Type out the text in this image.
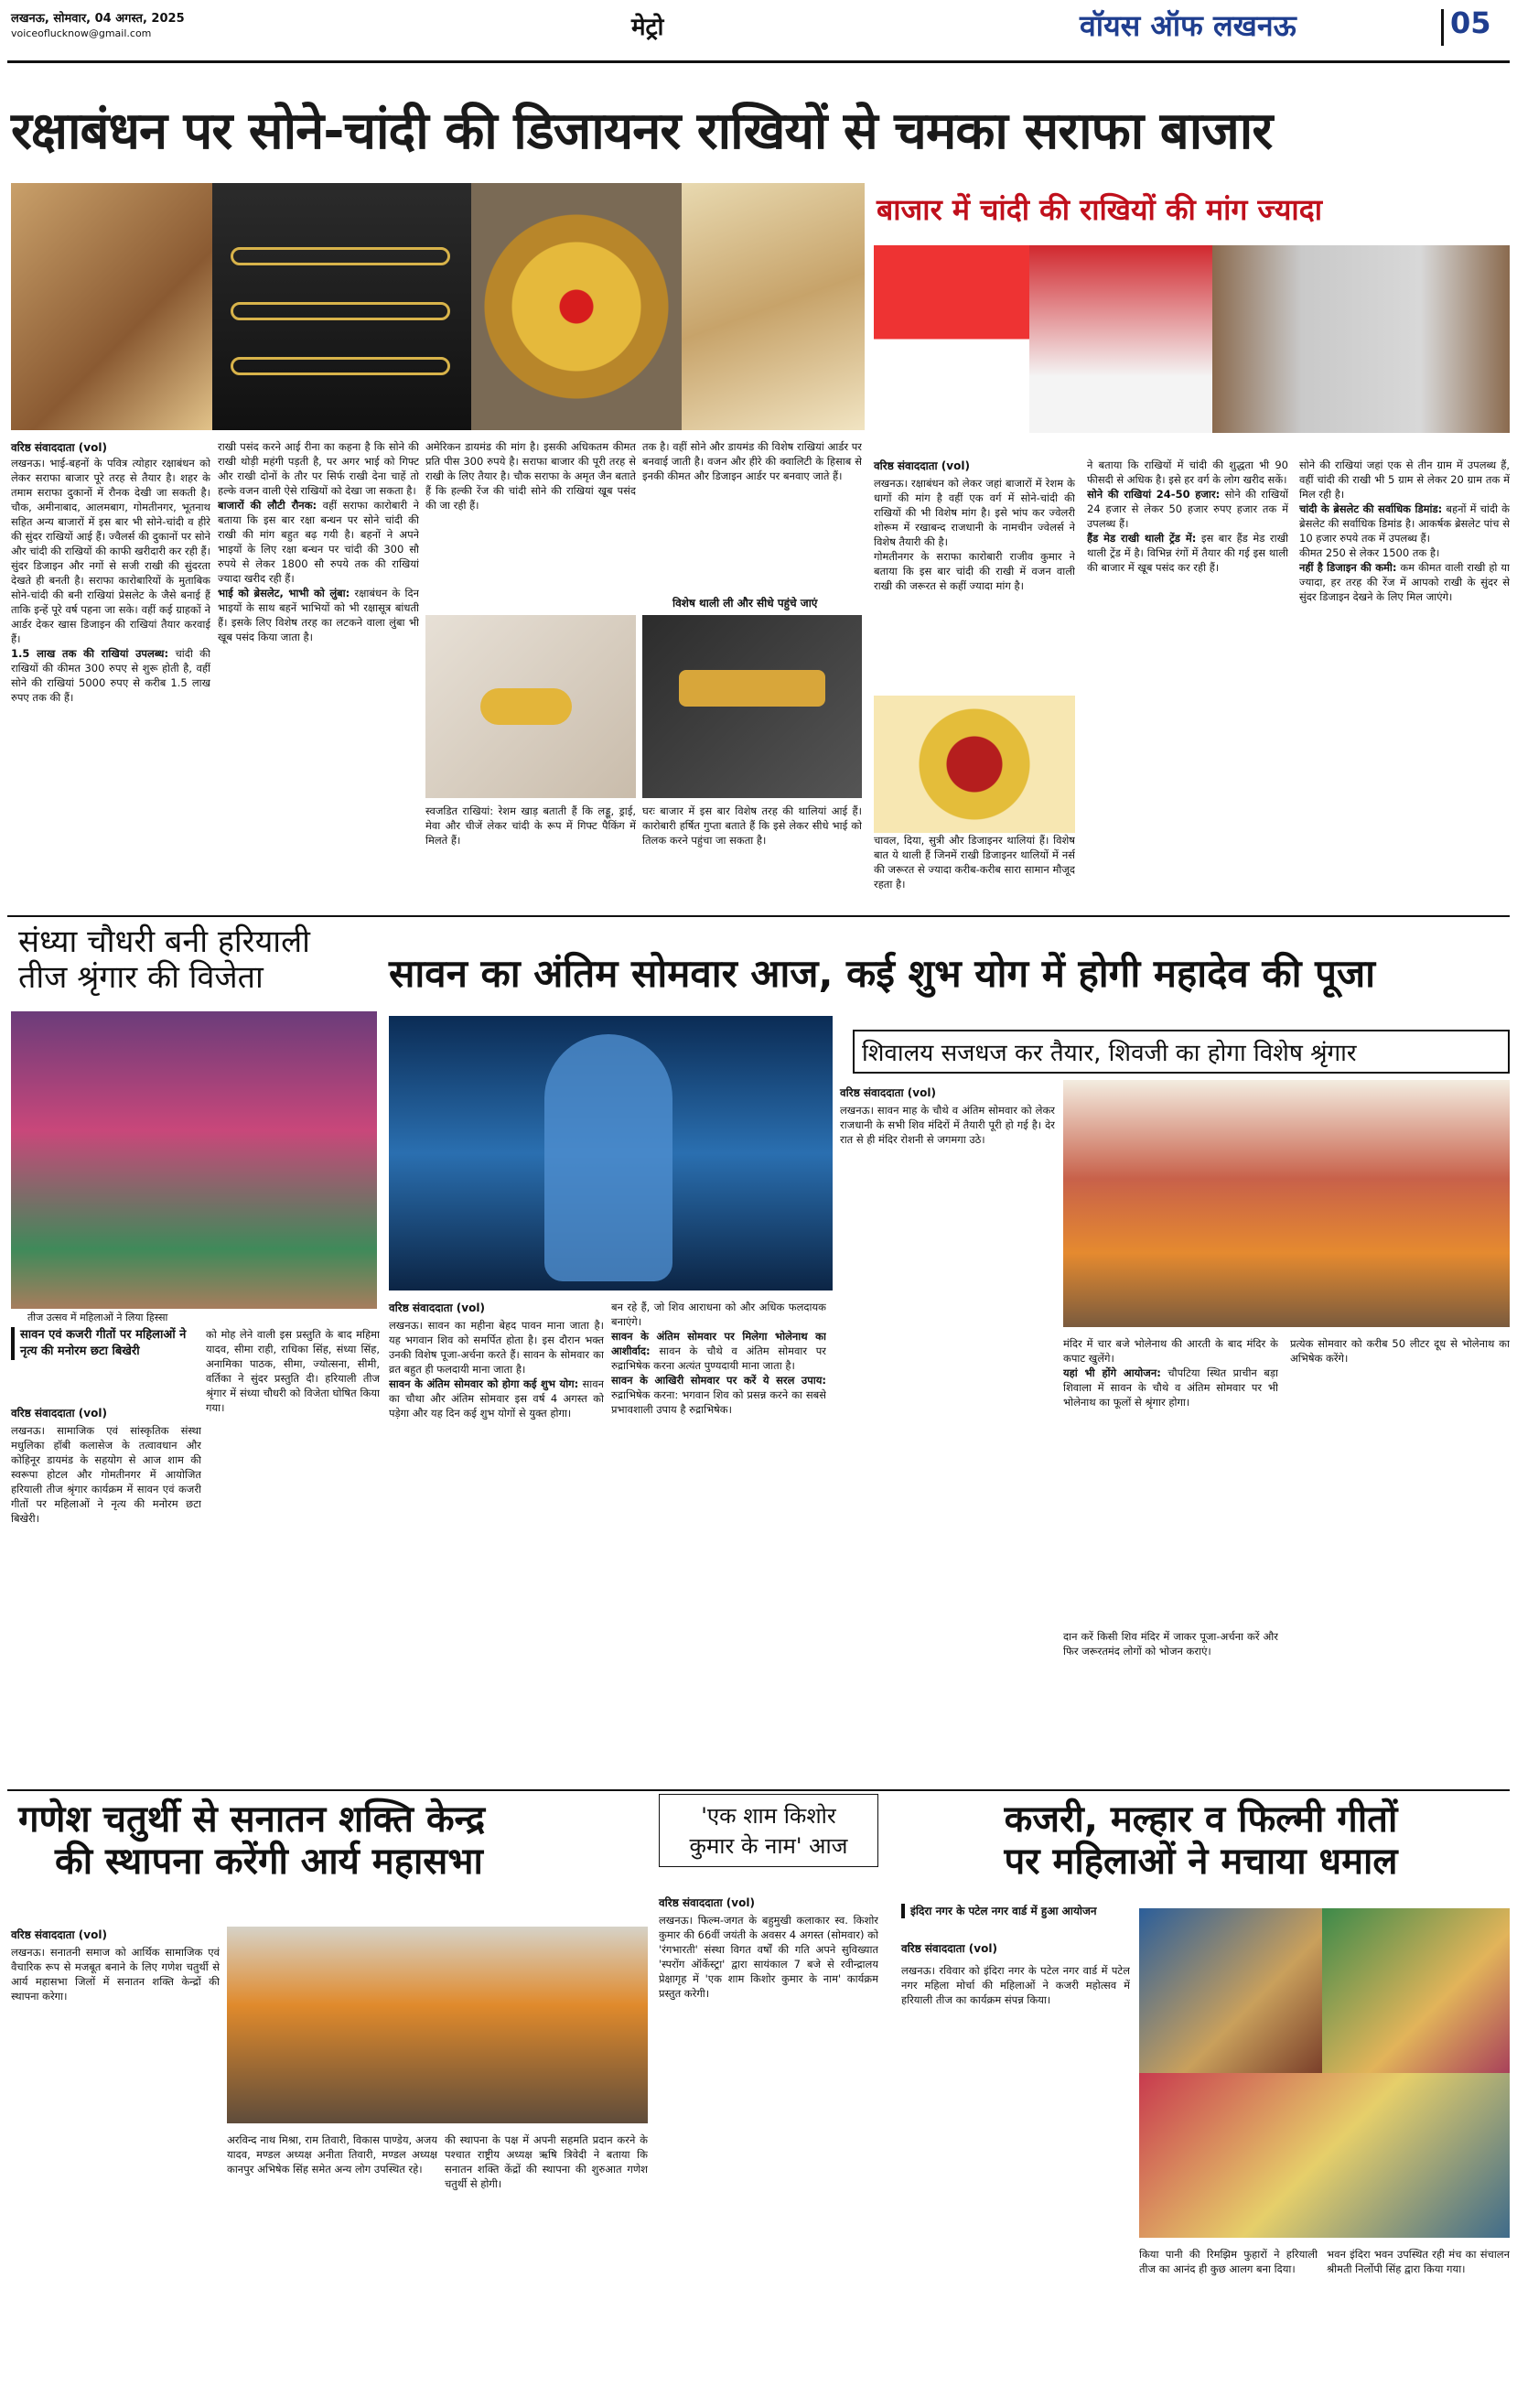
लखनऊ, सोमवार, 04 अगस्त, 2025
voiceoflucknow@gmail.com	मेट्रो	वॉयस ऑफ लखनऊ	05
रक्षाबंधन पर सोने-चांदी की डिजायनर राखियों से चमका सराफा बाजार
बाजार में चांदी की राखियों की मांग ज्यादा
वरिष्ठ संवाददाता (vol)
लखनऊ। भाई-बहनों के पवित्र त्योहार रक्षाबंधन को लेकर सराफा बाजार पूरे तरह से तैयार है। शहर के तमाम सराफा दुकानों में रौनक देखी जा सकती है। चौक, अमीनाबाद, आलमबाग, गोमतीनगर, भूतनाथ सहित अन्य बाजारों में इस बार भी सोने-चांदी व हीरे की सुंदर राखियों आई हैं। ज्वैलर्स की दुकानों पर सोने और चांदी की राखियों की काफी खरीदारी कर रही हैं। सुंदर डिजाइन और नगों से सजी राखी की सुंदरता देखते ही बनती है। सराफा कारोबारियों के मुताबिक सोने-चांदी की बनी राखियां प्रेसलेट के जैसे बनाई हैं ताकि इन्हें पूरे वर्ष पहना जा सके। वहीं कई ग्राहकों ने आर्डर देकर खास डिजाइन की राखियां तैयार करवाई हैं।
1.5 लाख तक की राखियां उपलब्ध: चांदी की राखियों की कीमत 300 रुपए से शुरू होती है, वहीं सोने की राखियां 5000 रुपए से करीब 1.5 लाख रुपए तक की हैं।
राखी पसंद करने आई रीना का कहना है कि सोने की राखी थोड़ी महंगी पड़ती है, पर अगर भाई को गिफ्ट और राखी दोनों के तौर पर सिर्फ राखी देना चाहें तो हल्के वजन वाली ऐसे राखियों को देखा जा सकता है।
बाजारों की लौटी रौनक: वहीं सराफा कारोबारी ने बताया कि इस बार रक्षा बन्धन पर सोने चांदी की राखी की मांग बहुत बढ़ गयी है। बहनों ने अपने भाइयों के लिए रक्षा बन्धन पर चांदी की 300 सौ रुपये से लेकर 1800 सौ रुपये तक की राखियां ज्यादा खरीद रही हैं।
भाई को ब्रेसलेट, भाभी को लुंबा: रक्षाबंधन के दिन भाइयों के साथ बहनें भाभियों को भी रक्षासूत्र बांधती हैं। इसके लिए विशेष तरह का लटकने वाला लुंबा भी खूब पसंद किया जाता है।
अमेरिकन डायमंड की मांग है। इसकी अधिकतम कीमत प्रति पीस 300 रुपये है। सराफा बाजार की पूरी तरह से राखी के लिए तैयार है। चौक सराफा के अमृत जैन बताते हैं कि हल्की रेंज की चांदी सोने की राखियां खूब पसंद की जा रही हैं।
तक है। वहीं सोने और डायमंड की विशेष राखियां आर्डर पर बनवाई जाती है। वजन और हीरे की क्वालिटी के हिसाब से इनकी कीमत और डिजाइन आर्डर पर बनवाए जाते हैं।
विशेष थाली ली और सीधे पहुंचे जाएं
स्वजडित राखियां: रेशम खाड़ बताती हैं कि लड्डू, ड्राई, मेवा और चीजें लेकर चांदी के रूप में गिफ्ट पैकिंग में मिलते हैं।
घरः बाजार में इस बार विशेष तरह की थालियां आई हैं। कारोबारी हर्षित गुप्ता बताते हैं कि इसे लेकर सीधे भाई को तिलक करने पहुंचा जा सकता है।
वरिष्ठ संवाददाता (vol)
लखनऊ। रक्षाबंधन को लेकर जहां बाजारों में रेशम के धागों की मांग है वहीं एक वर्ग में सोने-चांदी की राखियों की भी विशेष मांग है। इसे भांप कर ज्वेलरी शोरूम में रखाबन्द राजधानी के नामचीन ज्वेलर्स ने विशेष तैयारी की है।
गोमतीनगर के सराफा कारोबारी राजीव कुमार ने बताया कि इस बार चांदी की राखी में वजन वाली राखी की जरूरत से कहीं ज्यादा मांग है।
चावल, दिया, सुत्री और डिजाइनर थालियां हैं। विशेष बात ये थाली हैं जिनमें राखी डिजाइनर थालियों में नर्स की जरूरत से ज्यादा करीब-करीब सारा सामान मौजूद रहता है।
ने बताया कि राखियों में चांदी की शुद्धता भी 90 फीसदी से अधिक है। इसे हर वर्ग के लोग खरीद सकें।
सोने की राखियां 24-50 हजार: सोने की राखियों 24 हजार से लेकर 50 हजार रुपए हजार तक में उपलब्ध हैं।
हैंड मेड राखी थाली ट्रेंड में: इस बार हैंड मेड राखी थाली ट्रेंड में है। विभिन्न रंगों में तैयार की गई इस थाली की बाजार में खूब पसंद कर रही हैं।
सोने की राखियां जहां एक से तीन ग्राम में उपलब्ध हैं, वहीं चांदी की राखी भी 5 ग्राम से लेकर 20 ग्राम तक में मिल रही है।
चांदी के ब्रेसलेट की सर्वाधिक डिमांड: बहनों में चांदी के ब्रेसलेट की सर्वाधिक डिमांड है। आकर्षक ब्रेसलेट पांच से 10 हजार रुपये तक में उपलब्ध हैं।
कीमत 250 से लेकर 1500 तक है।
नहीं है डिजाइन की कमी: कम कीमत वाली राखी हो या ज्यादा, हर तरह की रेंज में आपको राखी के सुंदर से सुंदर डिजाइन देखने के लिए मिल जाएंगे।
संध्या चौधरी बनी हरियाली
तीज श्रृंगार की विजेता
तीज उत्सव में महिलाओं ने लिया हिस्सा
सावन एवं कजरी गीतों पर महिलाओं ने नृत्य की मनोरम छटा बिखेरी
वरिष्ठ संवाददाता (vol)
लखनऊ। सामाजिक एवं सांस्कृतिक संस्था मधुलिका हॉबी कलासेज के तत्वावधान और कोहिनूर डायमंड के सहयोग से आज शाम की स्वरूपा होटल और गोमतीनगर में आयोजित हरियाली तीज श्रृंगार कार्यक्रम में सावन एवं कजरी गीतों पर महिलाओं ने नृत्य की मनोरम छटा बिखेरी।
को मोह लेने वाली इस प्रस्तुति के बाद महिमा यादव, सीमा राही, राधिका सिंह, संध्या सिंह, अनामिका पाठक, सीमा, ज्योत्सना, सीमी, वर्तिका ने सुंदर प्रस्तुति दी। हरियाली तीज श्रृंगार में संध्या चौधरी को विजेता घोषित किया गया।
सावन का अंतिम सोमवार आज, कई शुभ योग में होगी महादेव की पूजा
वरिष्ठ संवाददाता (vol)
लखनऊ। सावन का महीना बेहद पावन माना जाता है। यह भगवान शिव को समर्पित होता है। इस दौरान भक्त उनकी विशेष पूजा-अर्चना करते हैं। सावन के सोमवार का व्रत बहुत ही फलदायी माना जाता है।
सावन के अंतिम सोमवार को होगा कई शुभ योग: सावन का चौथा और अंतिम सोमवार इस वर्ष 4 अगस्त को पड़ेगा और यह दिन कई शुभ योगों से युक्त होगा।
बन रहे हैं, जो शिव आराधना को और अधिक फलदायक बनाएंगे।
सावन के अंतिम सोमवार पर मिलेगा भोलेनाथ का आशीर्वाद: सावन के चौथे व अंतिम सोमवार पर रुद्राभिषेक करना अत्यंत पुण्यदायी माना जाता है।
सावन के आखिरी सोमवार पर करें ये सरल उपाय: रुद्राभिषेक करना: भगवान शिव को प्रसन्न करने का सबसे प्रभावशाली उपाय है रुद्राभिषेक।
शिवालय सजधज कर तैयार, शिवजी का होगा विशेष श्रृंगार
वरिष्ठ संवाददाता (vol)
लखनऊ। सावन माह के चौथे व अंतिम सोमवार को लेकर राजधानी के सभी शिव मंदिरों में तैयारी पूरी हो गई है। देर रात से ही मंदिर रोशनी से जगमगा उठे।
मंदिर में चार बजे भोलेनाथ की आरती के बाद मंदिर के कपाट खुलेंगे।
यहां भी होंगे आयोजन: चौपटिया स्थित प्राचीन बड़ा शिवाला में सावन के चौथे व अंतिम सोमवार पर भी भोलेनाथ का फूलों से श्रृंगार होगा।
प्रत्येक सोमवार को करीब 50 लीटर दूध से भोलेनाथ का अभिषेक करेंगे।
दान करें किसी शिव मंदिर में जाकर पूजा-अर्चना करें और फिर जरूरतमंद लोगों को भोजन कराएं।
गणेश चतुर्थी से सनातन शक्ति केन्द्र
की स्थापना करेंगी आर्य महासभा
वरिष्ठ संवाददाता (vol)
लखनऊ। सनातनी समाज को आर्थिक सामाजिक एवं वैचारिक रूप से मजबूत बनाने के लिए गणेश चतुर्थी से आर्य महासभा जिलों में सनातन शक्ति केन्द्रों की स्थापना करेगा।
अरविन्द नाथ मिश्रा, राम तिवारी, विकास पाण्डेय, अजय यादव, मण्डल अध्यक्ष अनीता तिवारी, मण्डल अध्यक्ष कानपुर अभिषेक सिंह समेत अन्य लोग उपस्थित रहे।
की स्थापना के पक्ष में अपनी सहमति प्रदान करने के पश्चात राष्ट्रीय अध्यक्ष ऋषि त्रिवेदी ने बताया कि सनातन शक्ति केंद्रों की स्थापना की शुरुआत गणेश चतुर्थी से होगी।
'एक शाम किशोर
कुमार के नाम' आज
वरिष्ठ संवाददाता (vol)
लखनऊ। फिल्म-जगत के बहुमुखी कलाकार स्व. किशोर कुमार की 66वीं जयंती के अवसर 4 अगस्त (सोमवार) को 'रंगभारती' संस्था विगत वर्षों की गति अपने सुविख्यात 'स्परोंग ऑर्केस्ट्रा' द्वारा सायंकाल 7 बजे से रवीन्द्रालय प्रेक्षागृह में 'एक शाम किशोर कुमार के नाम' कार्यक्रम प्रस्तुत करेगी।
कजरी, मल्हार व फिल्मी गीतों
पर महिलाओं ने मचाया धमाल
इंदिरा नगर के पटेल नगर वार्ड में हुआ आयोजन
वरिष्ठ संवाददाता (vol)
लखनऊ। रविवार को इंदिरा नगर के पटेल नगर वार्ड में पटेल नगर महिला मोर्चा की महिलाओं ने कजरी महोत्सव में हरियाली तीज का कार्यक्रम संपन्न किया।
किया पानी की रिमझिम फुहारों ने हरियाली तीज का आनंद ही कुछ आलग बना दिया।
भवन इंदिरा भवन उपस्थित रही मंच का संचालन श्रीमती निर्लोपी सिंह द्वारा किया गया।
